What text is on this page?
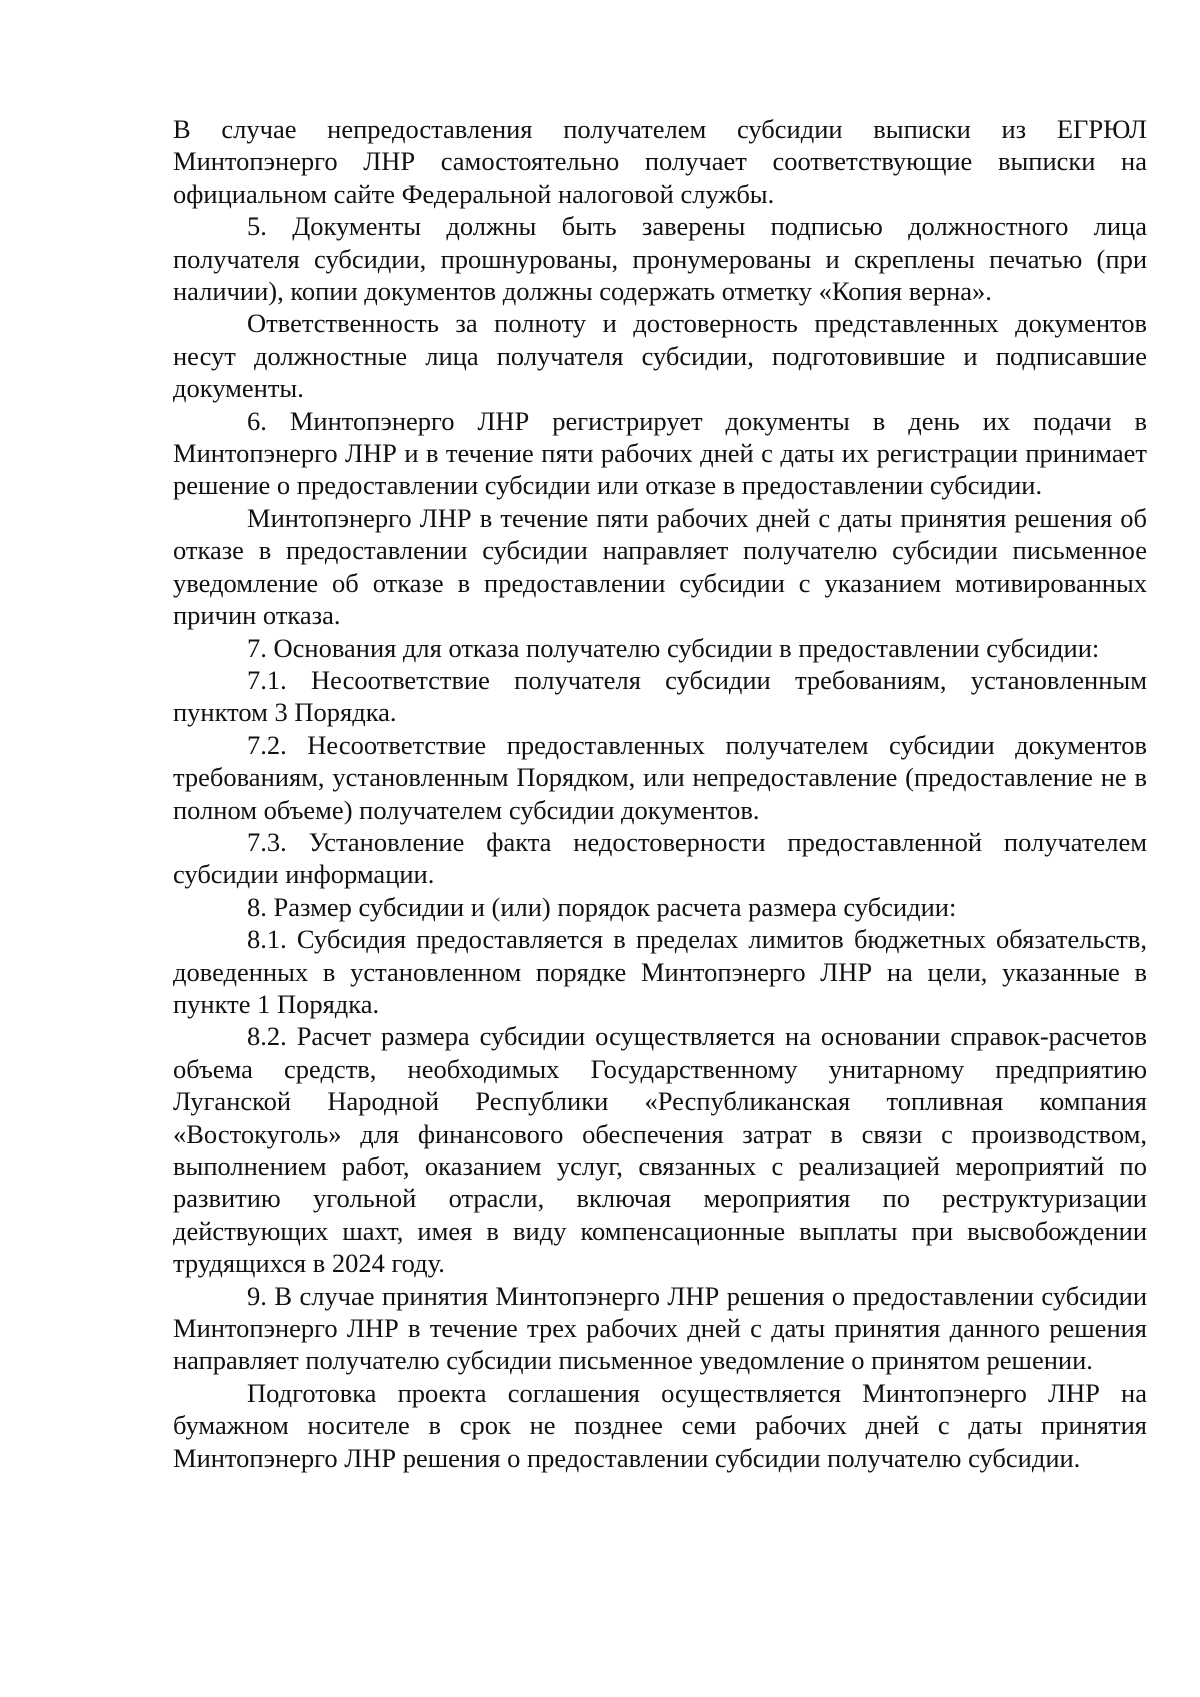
В случае непредоставления получателем субсидии выписки из ЕГРЮЛ Минтопэнерго ЛНР самостоятельно получает соответствующие выписки на официальном сайте Федеральной налоговой службы.

5. Документы должны быть заверены подписью должностного лица получателя субсидии, прошнурованы, пронумерованы и скреплены печатью (при наличии), копии документов должны содержать отметку «Копия верна».

Ответственность за полноту и достоверность представленных документов несут должностные лица получателя субсидии, подготовившие и подписавшие документы.

6. Минтопэнерго ЛНР регистрирует документы в день их подачи в Минтопэнерго ЛНР и в течение пяти рабочих дней с даты их регистрации принимает решение о предоставлении субсидии или отказе в предоставлении субсидии.

Минтопэнерго ЛНР в течение пяти рабочих дней с даты принятия решения об отказе в предоставлении субсидии направляет получателю субсидии письменное уведомление об отказе в предоставлении субсидии с указанием мотивированных причин отказа.

7. Основания для отказа получателю субсидии в предоставлении субсидии:

7.1. Несоответствие получателя субсидии требованиям, установленным пунктом 3 Порядка.

7.2. Несоответствие предоставленных получателем субсидии документов требованиям, установленным Порядком, или непредоставление (предоставление не в полном объеме) получателем субсидии документов.

7.3. Установление факта недостоверности предоставленной получателем субсидии информации.

8. Размер субсидии и (или) порядок расчета размера субсидии:

8.1. Субсидия предоставляется в пределах лимитов бюджетных обязательств, доведенных в установленном порядке Минтопэнерго ЛНР на цели, указанные в пункте 1 Порядка.

8.2. Расчет размера субсидии осуществляется на основании справок-расчетов объема средств, необходимых Государственному унитарному предприятию Луганской Народной Республики «Республиканская топливная компания «Востокуголь» для финансового обеспечения затрат в связи с производством, выполнением работ, оказанием услуг, связанных с реализацией мероприятий по развитию угольной отрасли, включая мероприятия по реструктуризации действующих шахт, имея в виду компенсационные выплаты при высвобождении трудящихся в 2024 году.

9. В случае принятия Минтопэнерго ЛНР решения о предоставлении субсидии Минтопэнерго ЛНР в течение трех рабочих дней с даты принятия данного решения направляет получателю субсидии письменное уведомление о принятом решении.

Подготовка проекта соглашения осуществляется Минтопэнерго ЛНР на бумажном носителе в срок не позднее семи рабочих дней с даты принятия Минтопэнерго ЛНР решения о предоставлении субсидии получателю субсидии.
